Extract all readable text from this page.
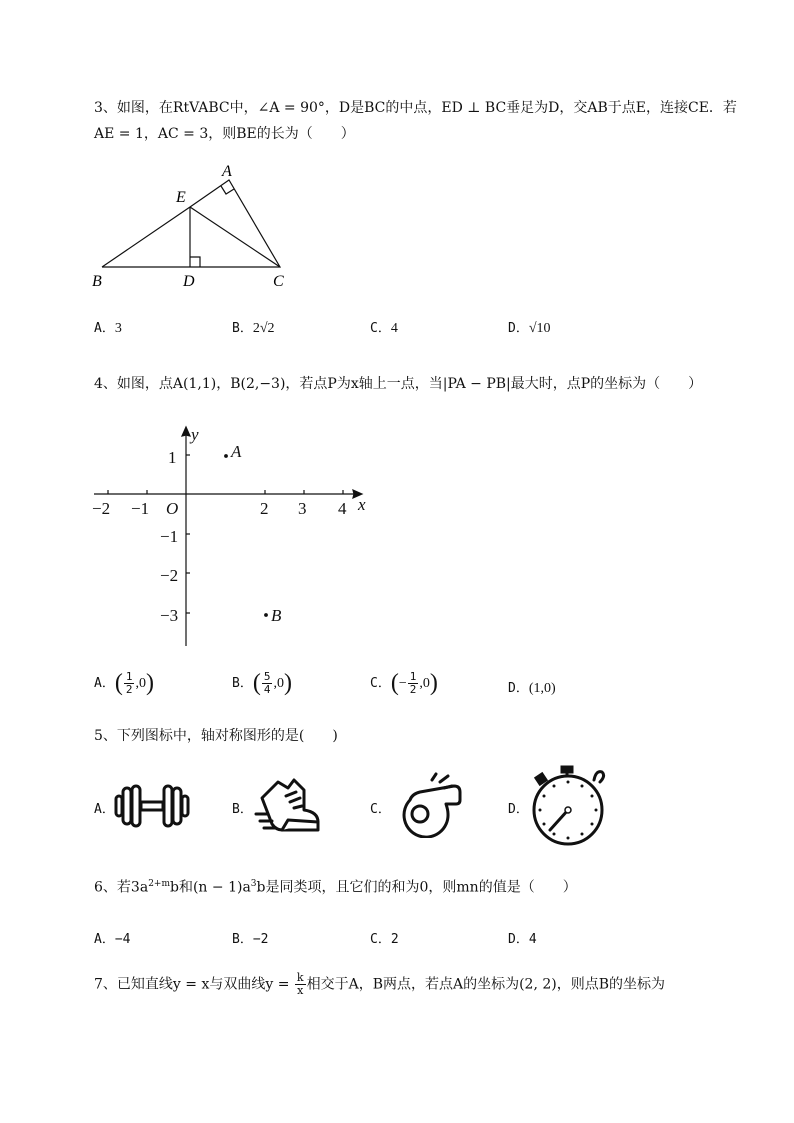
3、如图，在RtVABC中，∠A = 90°，D是BC的中点，ED ⊥ BC垂足为D，交AB于点E，连接CE．若
AE = 1，AC = 3，则BE的长为（　　）
A
E
B	D	C
A．3	B．2√2	C．4	D．√10
4、如图，点A(1,1)，B(2,−3)，若点P为x轴上一点，当|PA − PB|最大时，点P的坐标为（　　）
y
x
O
−2 −1	2 3 4
1
−1
−2
−3
A
B
A．( $\frac{1}{2} ,0$)	B．( $\frac{5}{4} ,0$)	C．(− $\frac{1}{2} ,0$)	D．(1,0)
5、下列图标中，轴对称图形的是(　　)
A．	B．	C．	D．
6、若$3a^{2+m}b$和$(n - 1)a^3b$是同类项，且它们的和为0，则mn的值是（　　）
A．−4	B．−2	C．2	D．4
7、已知直线y = x与双曲线$y = \frac{k}{x}$ 相交于A，B两点，若点A的坐标为(2, 2)，则点B的坐标为
